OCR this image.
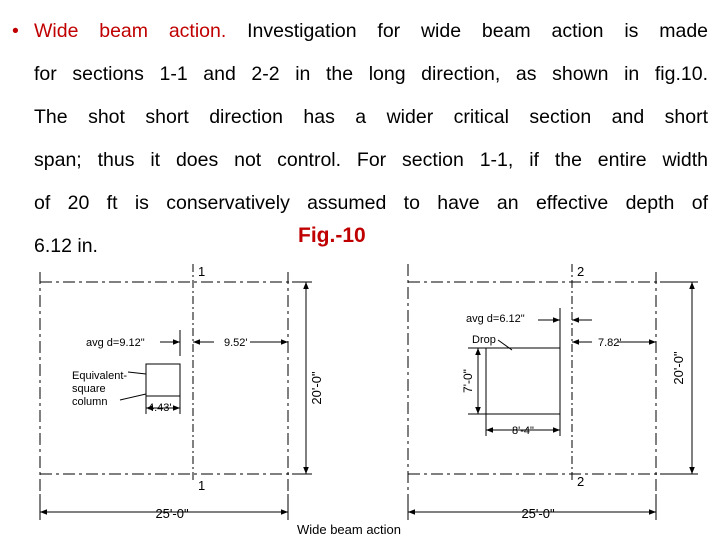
• Wide beam action. Investigation for wide beam action is made
for sections 1-1 and 2-2 in the long direction, as shown in fig.10.
The shot short direction has a wider critical section and short
span; thus it does not control. For section 1-1, if the entire width
of 20 ft is conservatively assumed to have an effective depth of
6.12 in.	Fig.-10
1
1
avg d=9.12"	9.52'
Equivalent-
square
column	4.43'
20'-0"
25'-0"
2
2
avg d=6.12"
Drop	7.82'
7'-0"
8'-4"
20'-0"
25'-0"
Wide beam action
